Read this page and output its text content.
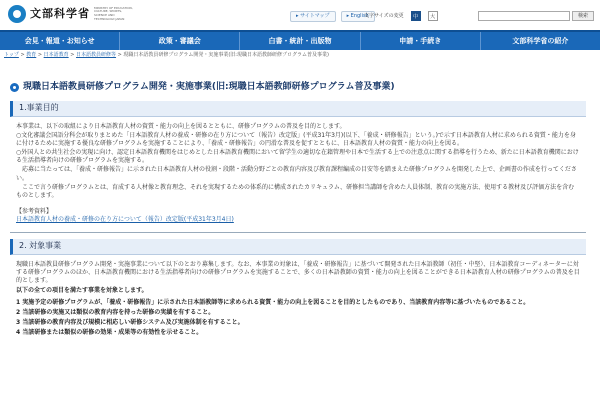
文部科学省 MINISTRY OF EDUCATION, CULTURE, SPORTS, SCIENCE AND TECHNOLOGY-JAPAN	▸ サイトマップ	▸ English
文字サイズの変更	中	大	検索
会見・報道・お知らせ	政策・審議会	白書・統計・出版物	申請・手続き	文部科学省の紹介
トップ > 教育 > 日本語教育 > 日本語教員研修等 > 現職日本語教員研修プログラム開発・実施事業(旧:現職日本語教師研修プログラム普及事業)
現職日本語教員研修プログラム開発・実施事業(旧:現職日本語教師研修プログラム普及事業)
1.事業目的

本事業は、以下の取組により日本語教育人材の資質・能力の向上を図るとともに、研修プログラムの普及を目的とします。

○文化審議会国語分科会が取りまとめた「日本語教育人材の養成・研修の在り方について（報告）改定版」(平成31年3月)(以下、「養成・研修報告」という。)で示す日本語教育人材に求められる資質・能力を身に付けるために実施する優良な研修プログラムを実施することにより、「養成・研修報告」の円滑な普及を促すとともに、日本語教育人材の資質・能力の向上を図る。

○外国人との共生社会の実現に向け、認定日本語教育機関をはじめとした日本語教育機関において留学生の適切な在籍管理や日本で生活する上での注意点に関する指導を行うため、新たに日本語教育機関における生活指導者向けの研修プログラムを実施する。

　応募に当たっては、「養成・研修報告」に示された日本語教育人材の役割・段階・活動分野ごとの教育内容及び教育課程編成の目安等を踏まえた研修プログラムを開発した上で、企画書の作成を行ってください。

　ここで言う研修プログラムとは、育成する人材像と教育理念、それを実現するための体系的に構成されたカリキュラム、研修担当講師を含めた人員体制、教育の実施方法、使用する教材及び評価方法を含むものとします。

【参考資料】
日本語教育人材の養成・研修の在り方について（報告）改定版(平成31年3月4日)
2. 対象事業

現職日本語教員研修プログラム開発・実施事業について以下のとおり募集します。なお、本事業の対象は、「養成・研修報告」に基づいて開発された日本語教師（初任・中堅）、日本語教育コーディネーターに対する研修プログラムのほか、日本語教育機関における生活指導者向けの研修プログラムを実施することで、多くの日本語教師の資質・能力の向上を図ることができる日本語教育人材の研修プログラムの普及を目的とします。

以下の全ての項目を満たす事業を対象とします。
1 実施予定の研修プログラムが、「養成・研修報告」に示された日本語教師等に求められる資質・能力の向上を図ることを目的としたものであり、当該教育内容等に基づいたものであること。
2 当該研修の実施又は類似の教育内容を持った研修の実績を有すること。
3 当該研修の教育内容及び規模に相応しい研修システム及び実施体制を有すること。
4 当該研修または類似の研修の効果・成果等の有効性を示せること。
